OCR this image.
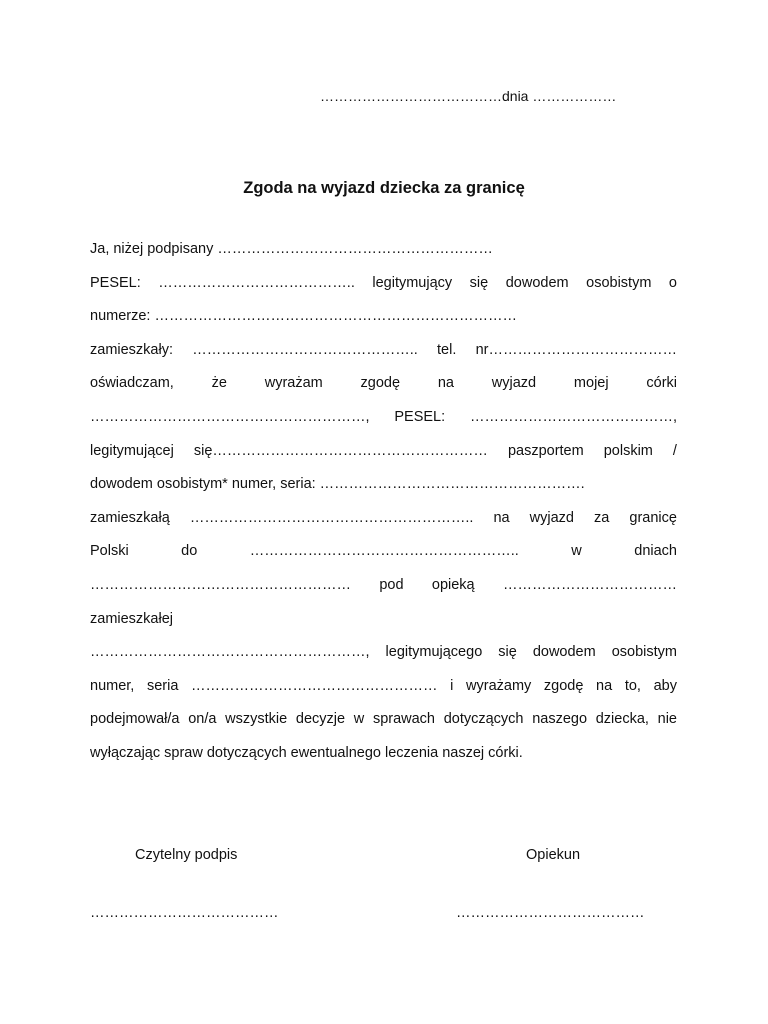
…………………………………dnia ………………
Zgoda na wyjazd dziecka za granicę
Ja, niżej podpisany …………………………………………………
PESEL: ………………………………….. legitymujący się dowodem osobistym o
numerze: …………………………………………………………………
zamieszkały: ……………………………………….. tel. nr…………………………………
oświadczam,	że	wyrażam	zgodę	na	wyjazd	mojej	córki
…………………………………………………, PESEL: ……………………………………,
legitymującej się………………………………………………… paszportem polskim /
dowodem osobistym* numer, seria: ……………………………………………….
zamieszkałą ………………………………………………….. na wyjazd za granicę
Polski	do	………………………………………………..	w	dniach
……………………………………………… pod opieką ………………………………
zamieszkałej
…………………………………………………, legitymującego się dowodem osobistym
numer, seria …………………………………………… i wyrażamy zgodę na to, aby
podejmował/a on/a wszystkie decyzje w sprawach dotyczących naszego dziecka, nie
wyłączając spraw dotyczących ewentualnego leczenia naszej córki.
Czytelny podpis	Opiekun
…………………………………	…………………………………
